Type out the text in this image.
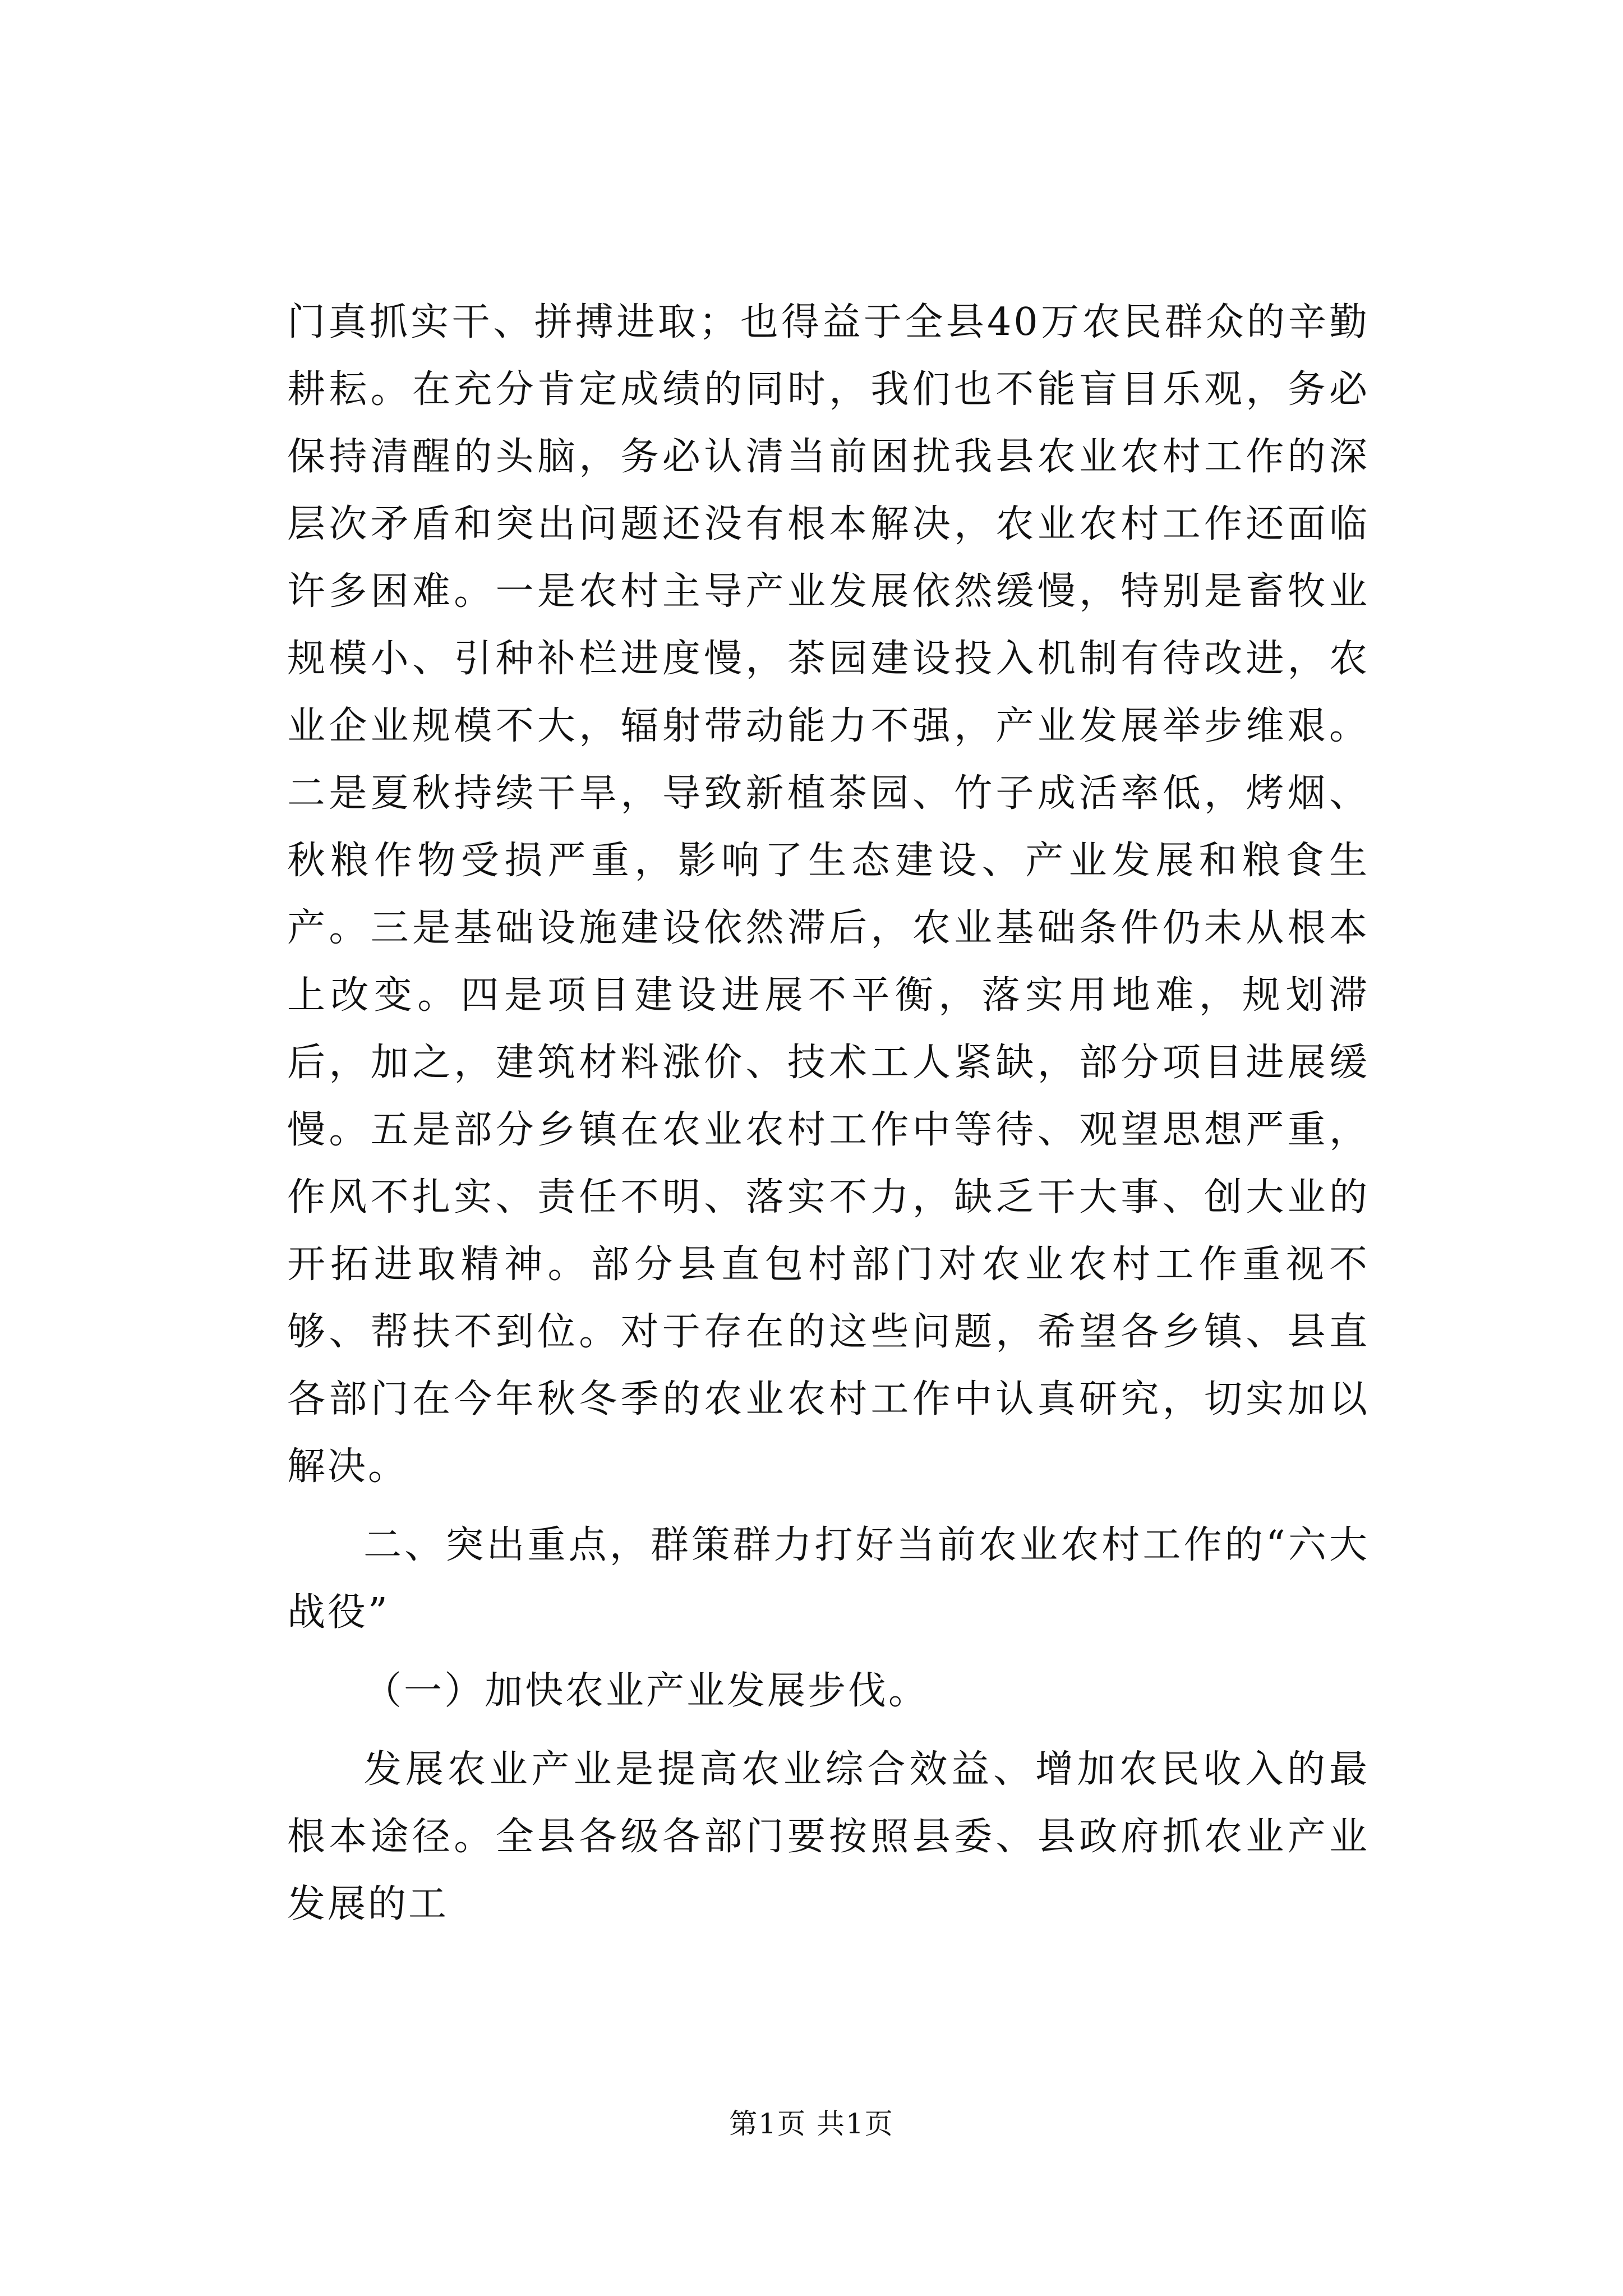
门真抓实干、拼搏进取；也得益于全县40万农民群众的辛勤耕耘。在充分肯定成绩的同时，我们也不能盲目乐观，务必保持清醒的头脑，务必认清当前困扰我县农业农村工作的深层次矛盾和突出问题还没有根本解决，农业农村工作还面临许多困难。一是农村主导产业发展依然缓慢，特别是畜牧业规模小、引种补栏进度慢，茶园建设投入机制有待改进，农业企业规模不大，辐射带动能力不强，产业发展举步维艰。二是夏秋持续干旱，导致新植茶园、竹子成活率低，烤烟、秋粮作物受损严重，影响了生态建设、产业发展和粮食生产。三是基础设施建设依然滞后，农业基础条件仍未从根本上改变。四是项目建设进展不平衡，落实用地难，规划滞后，加之，建筑材料涨价、技术工人紧缺，部分项目进展缓慢。五是部分乡镇在农业农村工作中等待、观望思想严重，作风不扎实、责任不明、落实不力，缺乏干大事、创大业的开拓进取精神。部分县直包村部门对农业农村工作重视不够、帮扶不到位。对于存在的这些问题，希望各乡镇、县直各部门在今年秋冬季的农业农村工作中认真研究，切实加以解决。

二、突出重点，群策群力打好当前农业农村工作的“六大战役”

（一）加快农业产业发展步伐。

发展农业产业是提高农业综合效益、增加农民收入的最根本途径。全县各级各部门要按照县委、县政府抓农业产业发展的工

第1页 共1页
